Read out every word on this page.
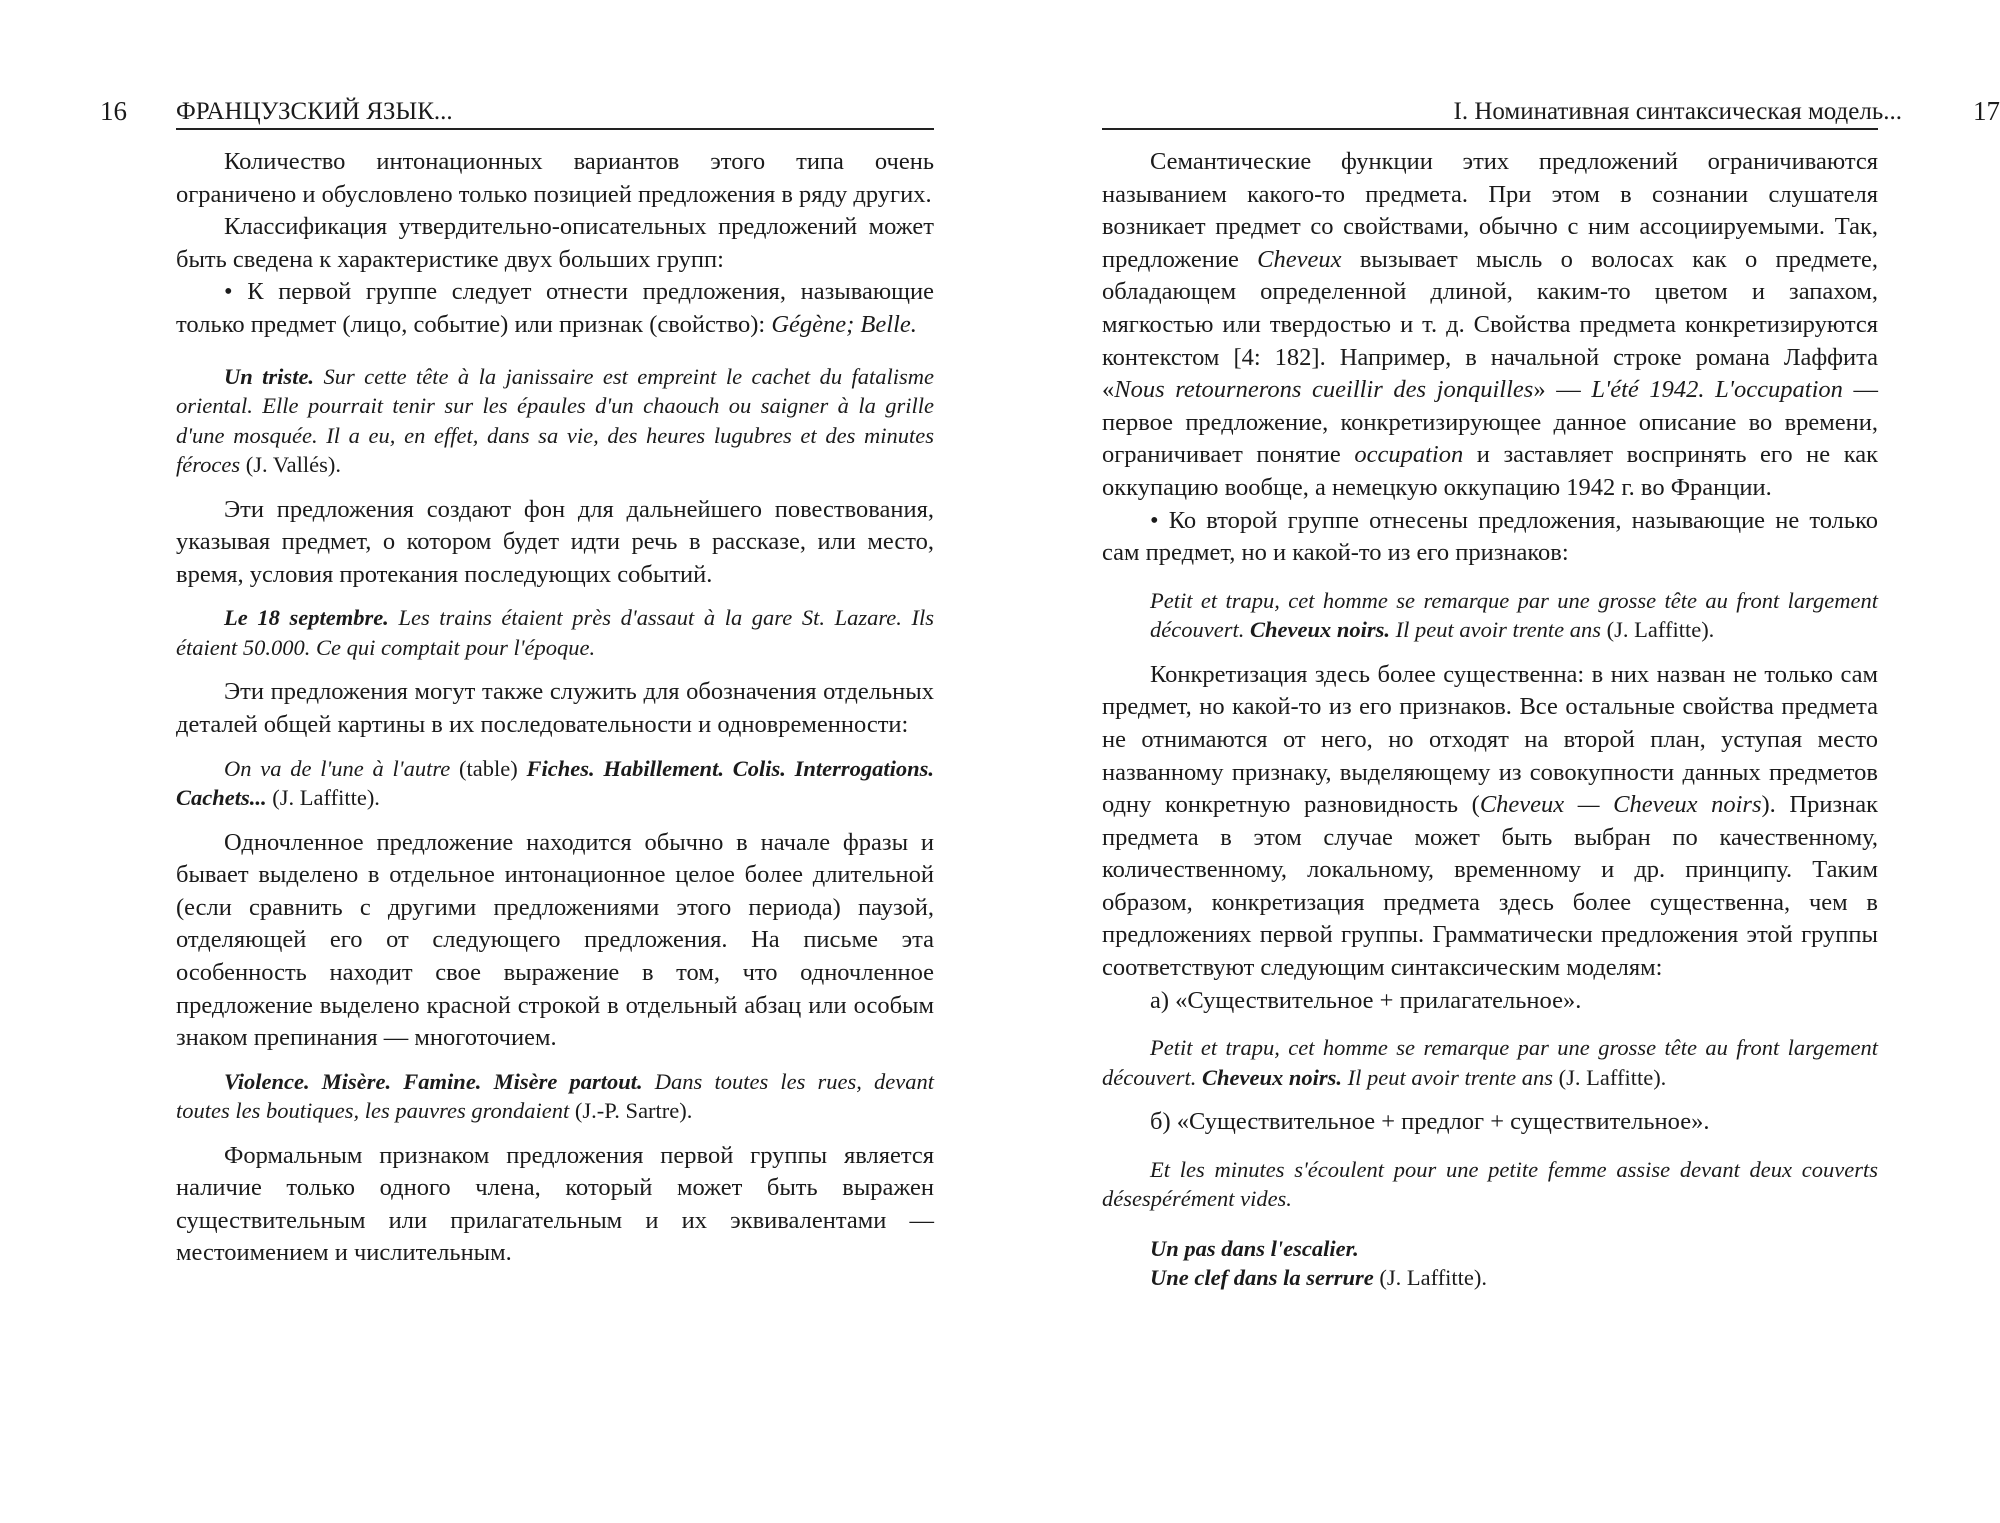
16 ФРАНЦУЗСКИЙ ЯЗЫК...

Количество интонационных вариантов этого типа очень ограничено и обусловлено только позицией предложения в ряду других.

Классификация утвердительно-описательных предложений может быть сведена к характеристике двух больших групп:

• К первой группе следует отнести предложения, называющие только предмет (лицо, событие) или признак (свойство): Gégène; Belle.

Un triste. Sur cette tête à la janissaire est empreint le cachet du fatalisme oriental. Elle pourrait tenir sur les épaules d'un chaouch ou saigner à la grille d'une mosquée. Il a eu, en effet, dans sa vie, des heures lugubres et des minutes féroces (J. Vallés).

Эти предложения создают фон для дальнейшего повествования, указывая предмет, о котором будет идти речь в рассказе, или место, время, условия протекания последующих событий.

Le 18 septembre. Les trains étaient près d'assaut à la gare St. Lazare. Ils étaient 50.000. Ce qui comptait pour l'époque.

Эти предложения могут также служить для обозначения отдельных деталей общей картины в их последовательности и одновременности:

On va de l'une à l'autre (table) Fiches. Habillement. Colis. Interrogations. Cachets... (J. Laffitte).

Одночленное предложение находится обычно в начале фразы и бывает выделено в отдельное интонационное целое более длительной (если сравнить с другими предложениями этого периода) паузой, отделяющей его от следующего предложения. На письме эта особенность находит свое выражение в том, что одночленное предложение выделено красной строкой в отдельный абзац или особым знаком препинания — многоточием.

Violence. Misère. Famine. Misère partout. Dans toutes les rues, devant toutes les boutiques, les pauvres grondaient (J.-P. Sartre).

Формальным признаком предложения первой группы является наличие только одного члена, который может быть выражен существительным или прилагательным и их эквивалентами — местоимением и числительным.

I. Номинативная синтаксическая модель...	17

Семантические функции этих предложений ограничиваются называнием какого-то предмета. При этом в сознании слушателя возникает предмет со свойствами, обычно с ним ассоциируемыми. Так, предложение Cheveux вызывает мысль о волосах как о предмете, обладающем определенной длиной, каким-то цветом и запахом, мягкостью или твердостью и т. д. Свойства предмета конкретизируются контекстом [4: 182]. Например, в начальной строке романа Лаффита «Nous retournerons cueillir des jonquilles» — L'été 1942. L'occupation — первое предложение, конкретизирующее данное описание во времени, ограничивает понятие occupation и заставляет воспринять его не как оккупацию вообще, а немецкую оккупацию 1942 г. во Франции.

• Ко второй группе отнесены предложения, называющие не только сам предмет, но и какой-то из его признаков:

Petit et trapu, cet homme se remarque par une grosse tête au front largement découvert. Cheveux noirs. Il peut avoir trente ans (J. Laffitte).

Конкретизация здесь более существенна: в них назван не только сам предмет, но какой-то из его признаков. Все остальные свойства предмета не отнимаются от него, но отходят на второй план, уступая место названному признаку, выделяющему из совокупности данных предметов одну конкретную разновидность (Cheveux — Cheveux noirs). Признак предмета в этом случае может быть выбран по качественному, количественному, локальному, временному и др. принципу. Таким образом, конкретизация предмета здесь более существенна, чем в предложениях первой группы. Грамматически предложения этой группы соответствуют следующим синтаксическим моделям:

а) «Существительное + прилагательное».

Petit et trapu, cet homme se remarque par une grosse tête au front largement découvert. Cheveux noirs. Il peut avoir trente ans (J. Laffitte).

б) «Существительное + предлог + существительное».

Et les minutes s'écoulent pour une petite femme assise devant deux couverts désespérément vides.
Un pas dans l'escalier.
Une clef dans la serrure (J. Laffitte).
